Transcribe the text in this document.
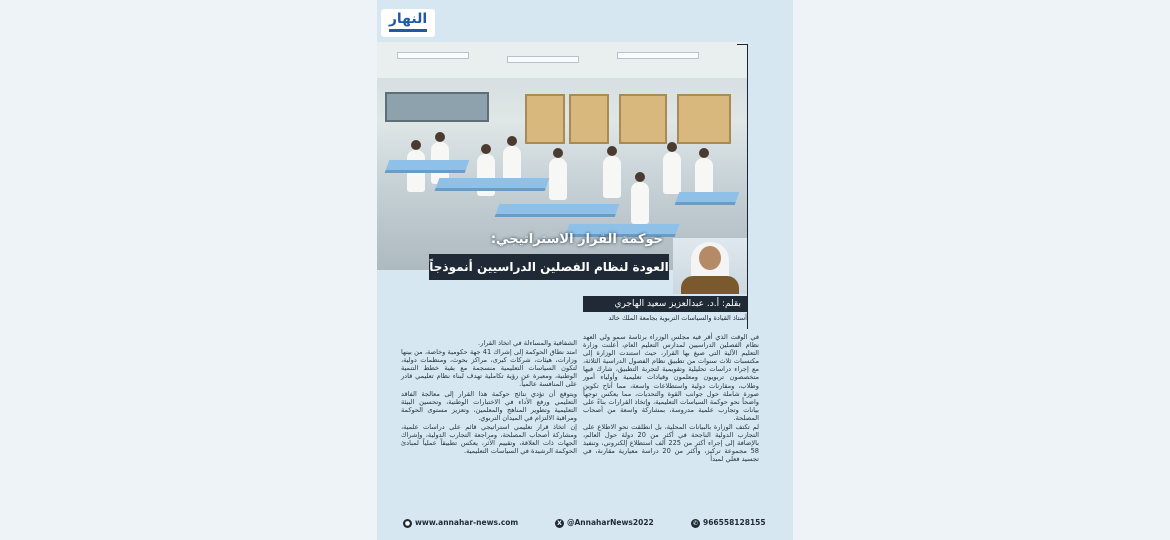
النهار
حوكمة القرار الاستراتيجي:
العودة لنظام الفصلين الدراسيين أنموذجاً
بقلم: أ.د. عبدالعزيز سعيد الهاجري
أستاذ القيادة والسياسات التربوية بجامعة الملك خالد

في الوقت الذي أقر فيه مجلس الوزراء برئاسة سمو ولي العهد نظام الفصلين الدراسيين لمدارس التعليم العام، أعلنت وزارة التعليم الآلية التي صيغ بها القرار، حيث استندت الوزارة إلى مكتسبات ثلاث سنوات من تطبيق نظام الفصول الدراسية الثلاثة، مع إجراء دراسات تحليلية وتقويمية لتجربة التطبيق، شارك فيها متخصصون تربويون ومعلمون وقيادات تعليمية وأولياء أمور وطلاب، ومقارنات دولية واستطلاعات واسعة، مما أتاح تكوين صورة شاملة حول جوانب القوة والتحديات، مما يعكس توجهاً واضحاً نحو حوكمة السياسات التعليمية، وإتخاذ القرارات بناءً على بيانات وتجارب علمية مدروسة، بمشاركة واسعة من أصحاب المصلحة.

لم تكتف الوزارة بالبيانات المحلية، بل انطلقت نحو الاطلاع على التجارب الدولية الناجحة في أكثر من 20 دولة حول العالم، بالإضافة إلى إجراء أكثر من 225 ألف استطلاع إلكتروني، وتنفيذ 58 مجموعة تركيز، وأكثر من 20 دراسة معيارية مقارنة، في تجسيد فعلي لمبدأ

الشفافية والمساءلة في اتخاذ القرار.

امتد نطاق الحوكمة إلى إشراك 41 جهة حكومية وخاصة، من بينها وزارات، هيئات، شركات كبرى، مراكز بحوث، ومنظمات دولية، لتكون السياسات التعليمية منسجمة مع بقية خطط التنمية الوطنية، ومعبرة عن رؤية تكاملية تهدف لبناء نظام تعليمي قادر على المنافسة عالمياً.

ويتوقع أن تؤدي نتائج حوكمة هذا القرار إلى معالجة الفاقد التعليمي ورفع الأداء في الاختبارات الوطنية، وتحسين البيئة التعليمية وتطوير المناهج والمعلمين، وتعزيز مستوى الحوكمة ومراقبة الالتزام في الميدان التربوي.

إن اتخاذ قرار تعليمي استراتيجي قائم على دراسات علمية، ومشاركة أصحاب المصلحة، ومراجعة التجارب الدولية، وإشراك الجهات ذات العلاقة، وتقييم الأثر، يعكس تطبيقاً عملياً لمبادئ الحوكمة الرشيدة في السياسات التعليمية.

● www.annahar-news.com	X @AnnaharNews2022	✆ 966558128155
